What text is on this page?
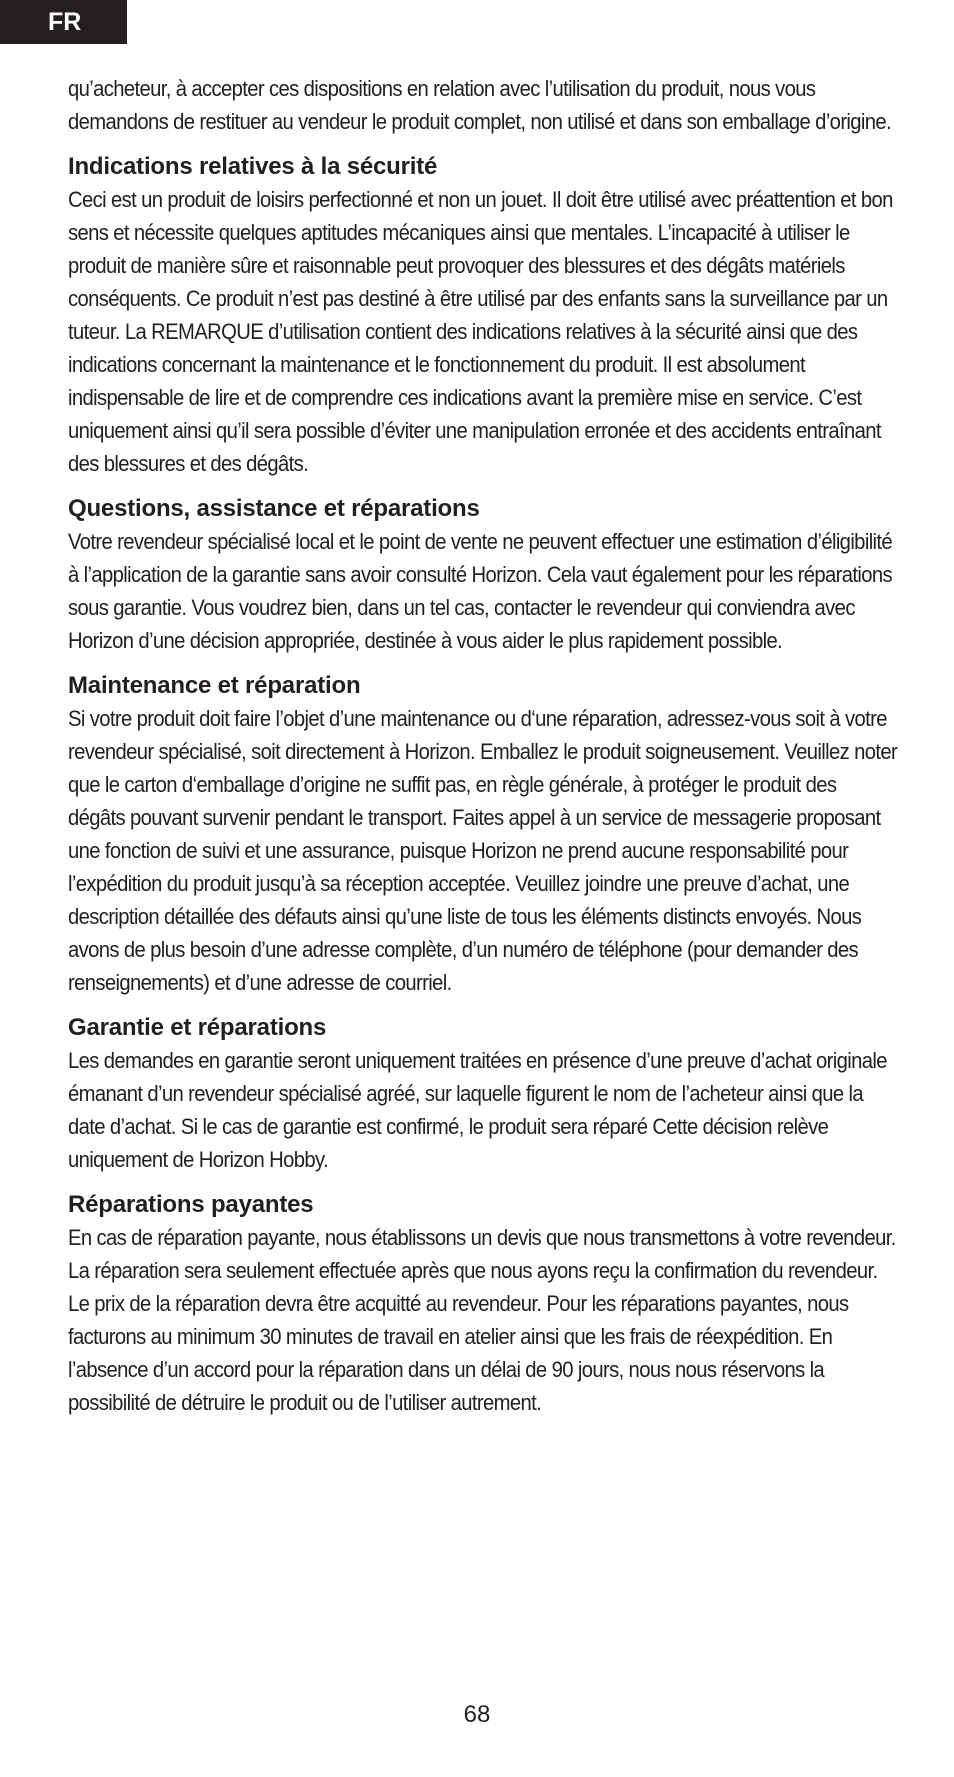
FR

qu’acheteur, à accepter ces dispositions en relation avec l’utilisation du produit, nous vous demandons de restituer au vendeur le produit complet, non utilisé et dans son emballage d’origine.

Indications relatives à la sécurité

Ceci est un produit de loisirs perfectionné et non un jouet. Il doit être utilisé avec préattention et bon sens et nécessite quelques aptitudes mécaniques ainsi que mentales. L’incapacité à utiliser le produit de manière sûre et raisonnable peut provoquer des blessures et des dégâts matériels conséquents. Ce produit n’est pas destiné à être utilisé par des enfants sans la surveillance par un tuteur. La REMARQUE d’utilisation contient des indications relatives à la sécurité ainsi que des indications concernant la maintenance et le fonctionnement du produit. Il est absolument indispensable de lire et de comprendre ces indications avant la première mise en service. C’est uniquement ainsi qu’il sera possible d’éviter une manipulation erronée et des accidents entraînant des blessures et des dégâts.

Questions, assistance et réparations

Votre revendeur spécialisé local et le point de vente ne peuvent effectuer une estimation d’éligibilité à l’application de la garantie sans avoir consulté Horizon. Cela vaut également pour les réparations sous garantie. Vous voudrez bien, dans un tel cas, contacter le revendeur qui conviendra avec Horizon d’une décision appropriée, destinée à vous aider le plus rapidement possible.

Maintenance et réparation

Si votre produit doit faire l’objet d’une maintenance ou d‘une réparation, adressez-vous soit à votre revendeur spécialisé, soit directement à Horizon. Emballez le produit soigneusement. Veuillez noter que le carton d‘emballage d’origine ne suffit pas, en règle générale, à protéger le produit des dégâts pouvant survenir pendant le transport. Faites appel à un service de messagerie proposant une fonction de suivi et une assurance, puisque Horizon ne prend aucune responsabilité pour l’expédition du produit jusqu’à sa réception acceptée. Veuillez joindre une preuve d’achat, une description détaillée des défauts ainsi qu’une liste de tous les éléments distincts envoyés. Nous avons de plus besoin d’une adresse complète, d’un numéro de téléphone (pour demander des renseignements) et d’une adresse de courriel.

Garantie et réparations

Les demandes en garantie seront uniquement traitées en présence d’une preuve d’achat originale émanant d’un revendeur spécialisé agréé, sur laquelle figurent le nom de l’acheteur ainsi que la date d’achat. Si le cas de garantie est confirmé, le produit sera réparé Cette décision relève uniquement de Horizon Hobby.

Réparations payantes

En cas de réparation payante, nous établissons un devis que nous transmettons à votre revendeur. La réparation sera seulement effectuée après que nous ayons reçu la confirmation du revendeur. Le prix de la réparation devra être acquitté au revendeur. Pour les réparations payantes, nous facturons au minimum 30 minutes de travail en atelier ainsi que les frais de réexpédition. En l’absence d’un accord pour la réparation dans un délai de 90 jours, nous nous réservons la possibilité de détruire le produit ou de l’utiliser autrement.

68
